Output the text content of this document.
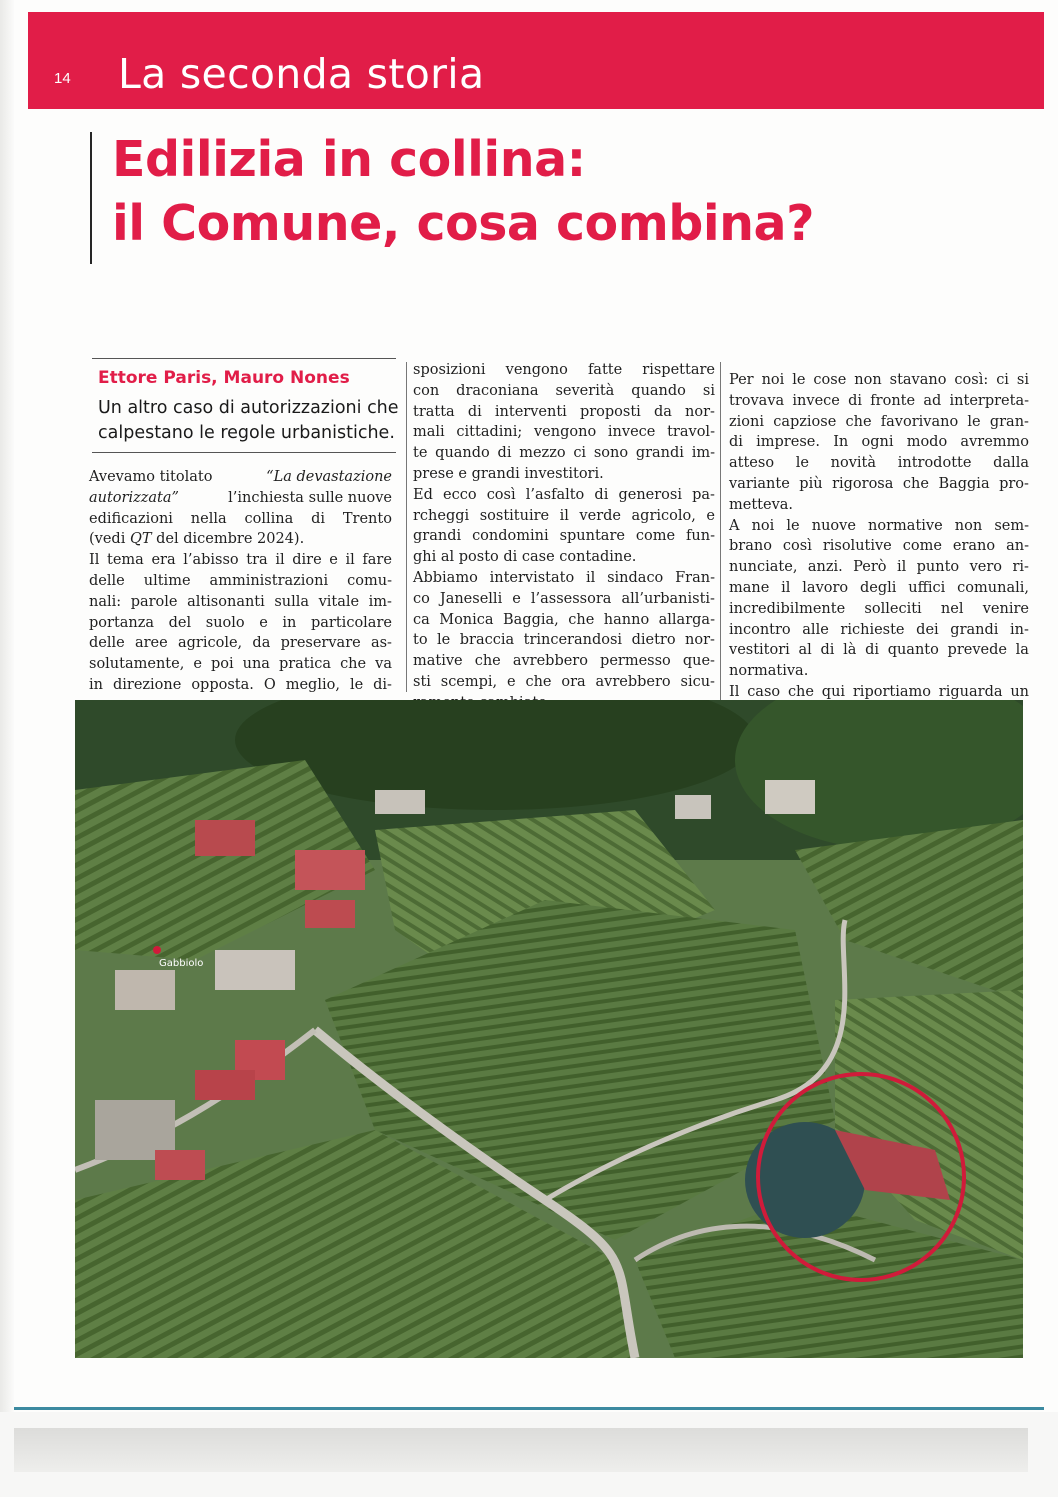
14 La seconda storia
Edilizia in collina:
il Comune, cosa combina?
Ettore Paris, Mauro Nones
Un altro caso di autorizzazioni che
calpestano le regole urbanistiche.
Avevamo titolato	“La devastazione
autorizzata”	l’inchiesta sulle nuove
edificazioni nella collina di Trento
(vedi
QT
del dicembre 2024).
Il tema era l’abisso tra il dire e il fare
delle ultime amministrazioni comu-
nali: parole altisonanti sulla vitale im-
portanza del suolo e in particolare
delle aree agricole, da preservare as-
solutamente, e poi una pratica che va
in direzione opposta. O meglio, le di-
sposizioni vengono fatte rispettare
con draconiana severità quando si
tratta di interventi proposti da nor-
mali cittadini; vengono invece travol-
te quando di mezzo ci sono grandi im-
prese e grandi investitori.
Ed ecco così l’asfalto di generosi pa-
rcheggi sostituire il verde agricolo, e
grandi condomini spuntare come fun-
ghi al posto di case contadine.
Abbiamo intervistato il sindaco Fran-
co Janeselli e l’assessora all’urbanisti-
ca Monica Baggia, che hanno allarga-
to le braccia trincerandosi dietro nor-
mative che avrebbero permesso que-
sti scempi, e che ora avrebbero sicu-
Per noi le cose non stavano così: ci si
trovava invece di fronte ad interpreta-
zioni capziose che favorivano le gran-
di imprese. In ogni modo avremmo
atteso le novità introdotte dalla
variante più rigorosa che Baggia pro-
metteva.
A noi le nuove normative non sem-
brano così risolutive come erano an-
nunciate, anzi. Però il punto vero ri-
mane il lavoro degli uffici comunali,
incredibilmente solleciti nel venire
incontro alle richieste dei grandi in-
vestitori al di là di quanto prevede la
normativa.
Il caso che qui riportiamo riguarda un
Gabbiolo
